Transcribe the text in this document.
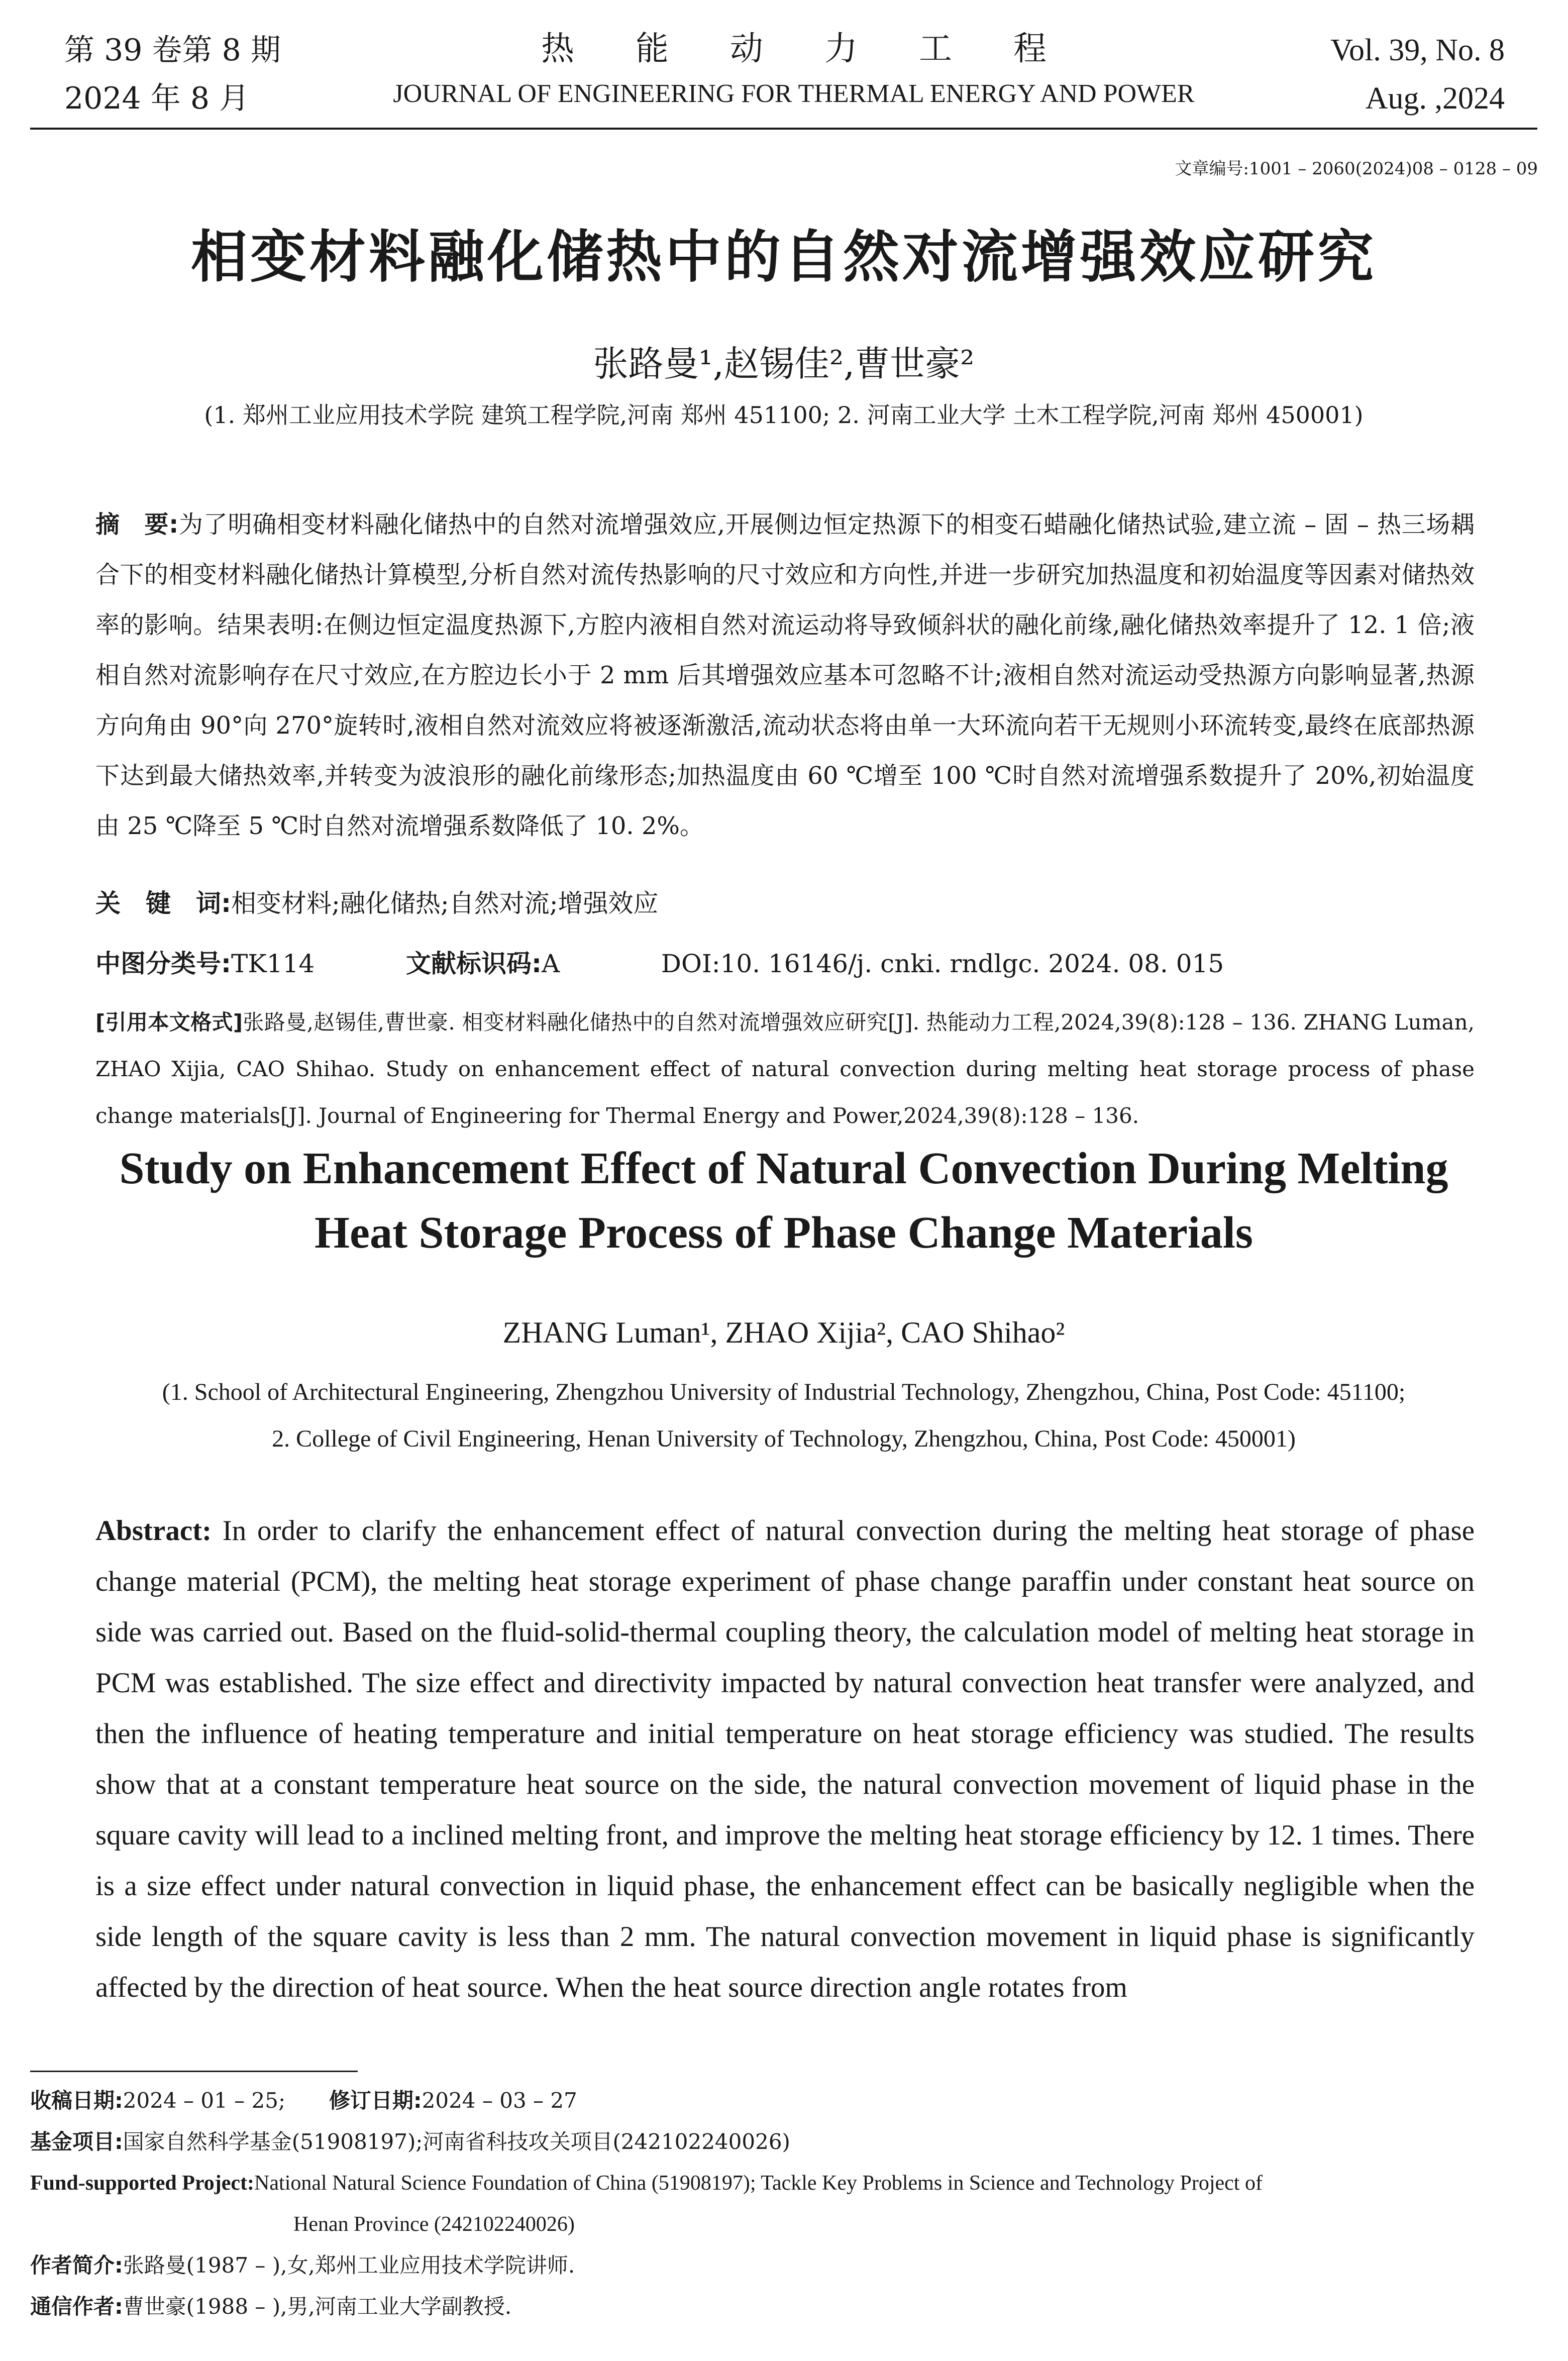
第 39 卷第 8 期
2024 年 8 月
热能动力工程
JOURNAL OF ENGINEERING FOR THERMAL ENERGY AND POWER
Vol. 39, No. 8
Aug. ,2024
文章编号:1001 – 2060(2024)08 – 0128 – 09
相变材料融化储热中的自然对流增强效应研究
张路曼¹,赵锡佳²,曹世豪²
(1. 郑州工业应用技术学院 建筑工程学院,河南 郑州 451100; 2. 河南工业大学 土木工程学院,河南 郑州 450001)
摘　要:为了明确相变材料融化储热中的自然对流增强效应,开展侧边恒定热源下的相变石蜡融化储热试验,建立流 – 固 – 热三场耦合下的相变材料融化储热计算模型,分析自然对流传热影响的尺寸效应和方向性,并进一步研究加热温度和初始温度等因素对储热效率的影响。结果表明:在侧边恒定温度热源下,方腔内液相自然对流运动将导致倾斜状的融化前缘,融化储热效率提升了 12. 1 倍;液相自然对流影响存在尺寸效应,在方腔边长小于 2 mm 后其增强效应基本可忽略不计;液相自然对流运动受热源方向影响显著,热源方向角由 90°向 270°旋转时,液相自然对流效应将被逐渐激活,流动状态将由单一大环流向若干无规则小环流转变,最终在底部热源下达到最大储热效率,并转变为波浪形的融化前缘形态;加热温度由 60 ℃增至 100 ℃时自然对流增强系数提升了 20%,初始温度由 25 ℃降至 5 ℃时自然对流增强系数降低了 10. 2%。
关　键　词:相变材料;融化储热;自然对流;增强效应
中图分类号:TK114	文献标识码:A	DOI:10. 16146/j. cnki. rndlgc. 2024. 08. 015
[引用本文格式]张路曼,赵锡佳,曹世豪. 相变材料融化储热中的自然对流增强效应研究[J]. 热能动力工程,2024,39(8):128 – 136. ZHANG Luman, ZHAO Xijia, CAO Shihao. Study on enhancement effect of natural convection during melting heat storage process of phase change materials[J]. Journal of Engineering for Thermal Energy and Power,2024,39(8):128 – 136.
Study on Enhancement Effect of Natural Convection During Melting
Heat Storage Process of Phase Change Materials
ZHANG Luman¹, ZHAO Xijia², CAO Shihao²
(1. School of Architectural Engineering, Zhengzhou University of Industrial Technology, Zhengzhou, China, Post Code: 451100;
2. College of Civil Engineering, Henan University of Technology, Zhengzhou, China, Post Code: 450001)
Abstract: In order to clarify the enhancement effect of natural convection during the melting heat storage of phase change material (PCM), the melting heat storage experiment of phase change paraffin under constant heat source on side was carried out. Based on the fluid-solid-thermal coupling theory, the calculation model of melting heat storage in PCM was established. The size effect and directivity impacted by natural convection heat transfer were analyzed, and then the influence of heating temperature and initial temperature on heat storage efficiency was studied. The results show that at a constant temperature heat source on the side, the natural convection movement of liquid phase in the square cavity will lead to a inclined melting front, and improve the melting heat storage efficiency by 12. 1 times. There is a size effect under natural convection in liquid phase, the enhancement effect can be basically negligible when the side length of the square cavity is less than 2 mm. The natural convection movement in liquid phase is significantly affected by the direction of heat source. When the heat source direction angle rotates from
收稿日期:2024 – 01 – 25; 修订日期:2024 – 03 – 27
基金项目:国家自然科学基金(51908197);河南省科技攻关项目(242102240026)
Fund-supported Project:National Natural Science Foundation of China (51908197); Tackle Key Problems in Science and Technology Project of
Henan Province (242102240026)
作者简介:张路曼(1987 – ),女,郑州工业应用技术学院讲师.
通信作者:曹世豪(1988 – ),男,河南工业大学副教授.
